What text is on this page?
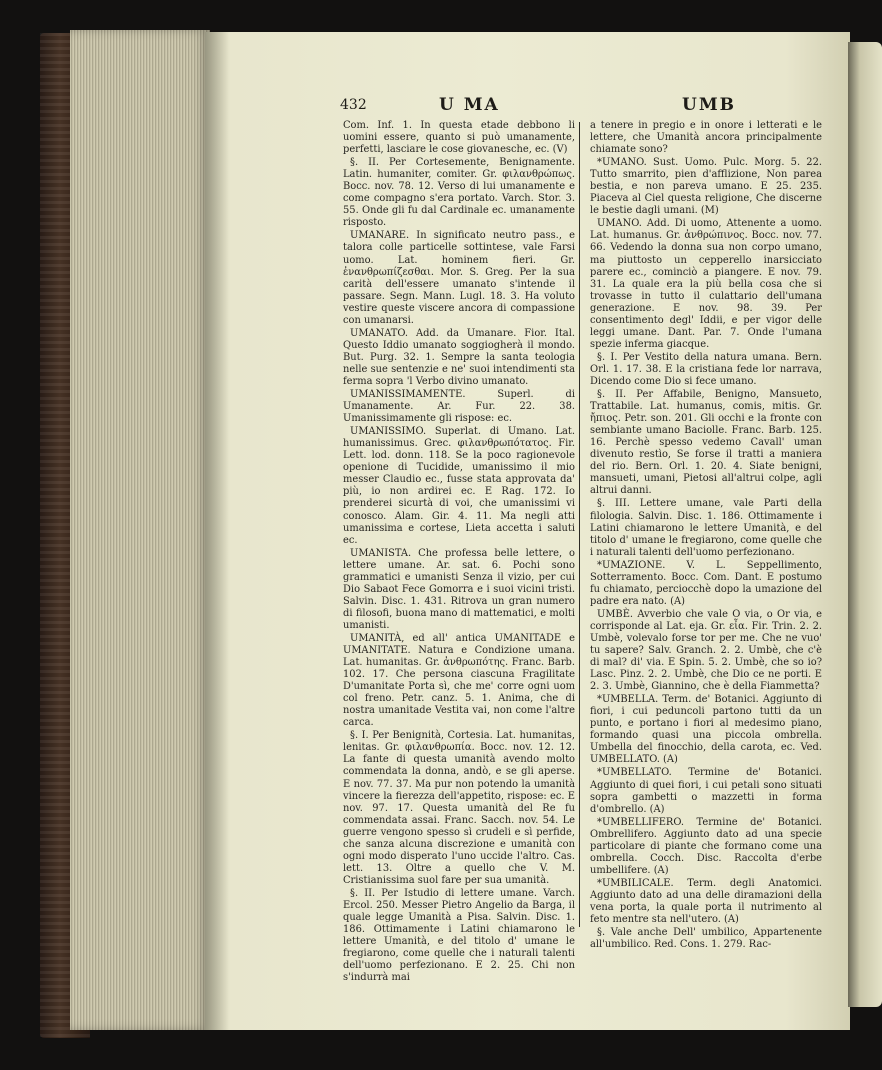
432	U MA	UMB

Com. Inf. 1. In questa etade debbono li uomini essere, quanto si può umanamente, perfetti, lasciare le cose giovanesche, ec. (V)

§. II. Per Cortesemente, Benignamente. Latin. humaniter, comiter. Gr. φιλανθρώπως. Bocc. nov. 78. 12. Verso di lui umanamente e come compagno s'era portato. Varch. Stor. 3. 55. Onde gli fu dal Cardinale ec. umanamente risposto.

UMANARE. In significato neutro pass., e talora colle particelle sottintese, vale Farsi uomo. Lat. hominem fieri. Gr. ἐνανθρωπίζεσθαι. Mor. S. Greg. Per la sua carità dell'essere umanato s'intende il passare. Segn. Mann. Lugl. 18. 3. Ha voluto vestire queste viscere ancora di compassione con umanarsi.

UMANATO. Add. da Umanare. Fior. Ital. Questo Iddio umanato soggiogherà il mondo. But. Purg. 32. 1. Sempre la santa teologia nelle sue sentenzie e ne' suoi intendimenti sta ferma sopra 'l Verbo divino umanato.

UMANISSIMAMENTE. Superl. di Umanamente. Ar. Fur. 22. 38. Umanissimamente gli rispose: ec.

UMANISSIMO. Superlat. di Umano. Lat. humanissimus. Grec. φιλανθρωπότατος. Fir. Lett. lod. donn. 118. Se la poco ragionevole openione di Tucidide, umanissimo il mio messer Claudio ec., fusse stata approvata da' più, io non ardirei ec. E Rag. 172. Io prenderei sicurtà di voi, che umanissimi vi conosco. Alam. Gir. 4. 11. Ma negli atti umanissima e cortese, Lieta accetta i saluti ec.

UMANISTA. Che professa belle lettere, o lettere umane. Ar. sat. 6. Pochi sono grammatici e umanisti Senza il vizio, per cui Dio Sabaot Fece Gomorra e i suoi vicini tristi. Salvin. Disc. 1. 431. Ritrova un gran numero di filosofi, buona mano di mattematici, e molti umanisti.

UMANITÀ, ed all' antica UMANITADE e UMANITATE. Natura e Condizione umana. Lat. humanitas. Gr. ἀνθρωπότης. Franc. Barb. 102. 17. Che persona ciascuna Fragilitate D'umanitate Porta sì, che me' corre ogni uom col freno. Petr. canz. 5. 1. Anima, che di nostra umanitade Vestita vai, non come l'altre carca.

§. I. Per Benignità, Cortesia. Lat. humanitas, lenitas. Gr. φιλανθρωπία. Bocc. nov. 12. 12. La fante di questa umanità avendo molto commendata la donna, andò, e se gli aperse. E nov. 77. 37. Ma pur non potendo la umanità vincere la fierezza dell'appetito, rispose: ec. E nov. 97. 17. Questa umanità del Re fu commendata assai. Franc. Sacch. nov. 54. Le guerre vengono spesso sì crudeli e sì perfide, che sanza alcuna discrezione e umanità con ogni modo disperato l'uno uccide l'altro. Cas. lett. 13. Oltre a quello che V. M. Cristianissima suol fare per sua umanità.

§. II. Per Istudio di lettere umane. Varch. Ercol. 250. Messer Pietro Angelio da Barga, il quale legge Umanità a Pisa. Salvin. Disc. 1. 186. Ottimamente i Latini chiamarono le lettere Umanità, e del titolo d' umane le fregiarono, come quelle che i naturali talenti dell'uomo perfezionano. E 2. 25. Chi non s'indurrà mai

a tenere in pregio e in onore i letterati e le lettere, che Umanità ancora principalmente chiamate sono?

*UMANO. Sust. Uomo. Pulc. Morg. 5. 22. Tutto smarrito, pien d'afflizione, Non parea bestia, e non pareva umano. E 25. 235. Piaceva al Ciel questa religione, Che discerne le bestie dagli umani. (M)

UMANO. Add. Di uomo, Attenente a uomo. Lat. humanus. Gr. ἀνθρώπινος. Bocc. nov. 77. 66. Vedendo la donna sua non corpo umano, ma piuttosto un cepperello inarsicciato parere ec., cominciò a piangere. E nov. 79. 31. La quale era la più bella cosa che si trovasse in tutto il culattario dell'umana generazione. E nov. 98. 39. Per consentimento degl' Iddii, e per vigor delle leggi umane. Dant. Par. 7. Onde l'umana spezie inferma giacque.

§. I. Per Vestito della natura umana. Bern. Orl. 1. 17. 38. E la cristiana fede lor narrava, Dicendo come Dio si fece umano.

§. II. Per Affabile, Benigno, Mansueto, Trattabile. Lat. humanus, comis, mitis. Gr. ἤπιος. Petr. son. 201. Gli occhi e la fronte con sembiante umano Baciolle. Franc. Barb. 125. 16. Perchè spesso vedemo Cavall' uman divenuto restìo, Se forse il tratti a maniera del rio. Bern. Orl. 1. 20. 4. Siate benigni, mansueti, umani, Pietosi all'altrui colpe, agli altrui danni.

§. III. Lettere umane, vale Parti della filologia. Salvin. Disc. 1. 186. Ottimamente i Latini chiamarono le lettere Umanità, e del titolo d' umane le fregiarono, come quelle che i naturali talenti dell'uomo perfezionano.

*UMAZIONE. V. L. Seppellimento, Sotterramento. Bocc. Com. Dant. E postumo fu chiamato, perciocchè dopo la umazione del padre era nato. (A)

UMBÈ. Avverbio che vale O via, o Or via, e corrisponde al Lat. eja. Gr. εἶα. Fir. Trin. 2. 2. Umbè, volevalo forse tor per me. Che ne vuo' tu sapere? Salv. Granch. 2. 2. Umbè, che c'è di mal? di' via. E Spin. 5. 2. Umbè, che so io? Lasc. Pinz. 2. 2. Umbè, che Dio ce ne porti. E 2. 3. Umbè, Giannino, che è della Fiammetta?

*UMBELLA. Term. de' Botanici. Aggiunto di fiori, i cui peduncoli partono tutti da un punto, e portano i fiori al medesimo piano, formando quasi una piccola ombrella. Umbella del finocchio, della carota, ec. Ved. UMBELLATO. (A)

*UMBELLATO. Termine de' Botanici. Aggiunto di quei fiori, i cui petali sono situati sopra gambetti o mazzetti in forma d'ombrello. (A)

*UMBELLIFERO. Termine de' Botanici. Ombrellifero. Aggiunto dato ad una specie particolare di piante che formano come una ombrella. Cocch. Disc. Raccolta d'erbe umbellifere. (A)

*UMBILICALE. Term. degli Anatomici. Aggiunto dato ad una delle diramazioni della vena porta, la quale porta il nutrimento al feto mentre sta nell'utero. (A)

§. Vale anche Dell' umbilico, Appartenente all'umbilico. Red. Cons. 1. 279. Rac-
